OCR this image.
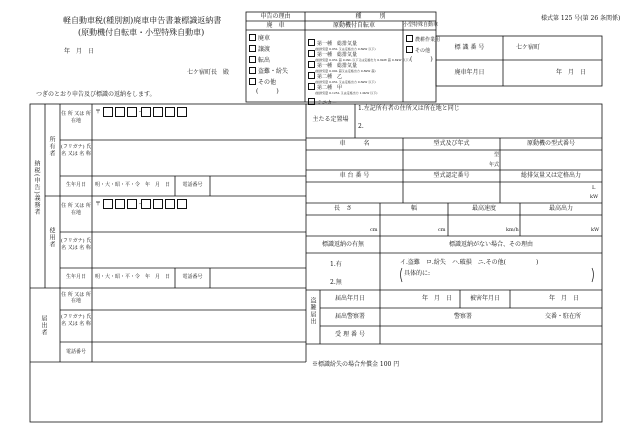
軽自動車税(種別割)廃車申告書兼標識返納書
(原動機付自転車・小型特殊自動車)
年　月　日
七ケ宿町長　殿
つぎのとおり申告及び標識の返納をします。
様式第 125 号(第 26 条関係)
申告の理由	種　　　別
廃　車	原動機付自転車	小型特殊自動車
廃車
譲渡
転出
盗難・紛失
その他
(　　　)
第一種　総排気量
(総排気量 0.05L 又は定格出力 0.6kW 以下)
第一種　総排気量
(総排気量 0.05L 超 0.09L 以下又は定格出力 0.6kW 超 0.8kW 以下)
第一種　総排気量
(総排気量 0.09L 超又は定格出力 0.8kW 超)
第二種　乙
(総排気量 0.05L 又は定格出力 0.6kW 以下)
第二種　甲
(総排気量 0.125L 又は定格出力 1.0kW 以下)
ミニカー
農耕作業用
その他
(　　　)
標 識 番 号	七ケ宿町
廃車年月日	年　月　日
納税(申告)義務者
所有者
使用者
住 所 又は 所在地
〒	-
(フリガナ) 氏 名 又は 名 称
生年月日	明・大・昭・平・令　年　月　日	電話番号
住 所 又は 所在地
〒	-
(フリガナ) 氏 名 又は 名 称
生年月日	明・大・昭・平・令　年　月　日	電話番号
届出者
住 所 又は 所在地
(フリガナ) 氏 名 又は 名 称
電話番号
主たる定置場
1.左記所有者の住所又は所在地と同じ
2.
車　　　名	型式及び年式	原動機の型式番号
型
年式
車 台 番 号	型式認定番号	総排気量又は定格出力
L
kW
長　さ	幅	最高速度	最高出力
cm	cm	km/h	kW
標識返納の有無	標識返納がない場合、その理由
1.有
2.無
イ.盗難　ロ.紛失　ハ.破損　ニ.その他(　　　　　)
具体的に:
盗難届出	届出年月日	年　月　日	被害年月日	年　月　日
届出警察署	警察署	交番・駐在所
受 理 番 号
※標識紛失の場合弁償金 100 円
